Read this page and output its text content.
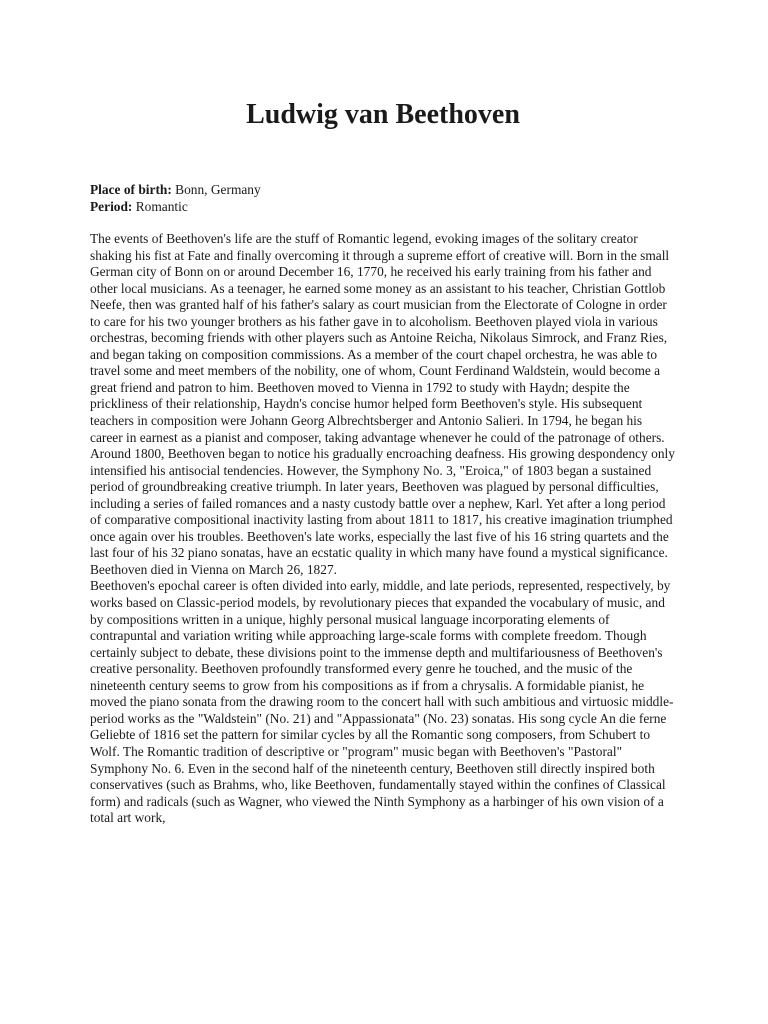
Ludwig van Beethoven

Place of birth: Bonn, Germany

Period: Romantic

The events of Beethoven's life are the stuff of Romantic legend, evoking images of the solitary creator shaking his fist at Fate and finally overcoming it through a supreme effort of creative will. Born in the small German city of Bonn on or around December 16, 1770, he received his early training from his father and other local musicians. As a teenager, he earned some money as an assistant to his teacher, Christian Gottlob Neefe, then was granted half of his father's salary as court musician from the Electorate of Cologne in order to care for his two younger brothers as his father gave in to alcoholism. Beethoven played viola in various orchestras, becoming friends with other players such as Antoine Reicha, Nikolaus Simrock, and Franz Ries, and began taking on composition commissions. As a member of the court chapel orchestra, he was able to travel some and meet members of the nobility, one of whom, Count Ferdinand Waldstein, would become a great friend and patron to him. Beethoven moved to Vienna in 1792 to study with Haydn; despite the prickliness of their relationship, Haydn's concise humor helped form Beethoven's style. His subsequent teachers in composition were Johann Georg Albrechtsberger and Antonio Salieri. In 1794, he began his career in earnest as a pianist and composer, taking advantage whenever he could of the patronage of others. Around 1800, Beethoven began to notice his gradually encroaching deafness. His growing despondency only intensified his antisocial tendencies. However, the Symphony No. 3, "Eroica," of 1803 began a sustained period of groundbreaking creative triumph. In later years, Beethoven was plagued by personal difficulties, including a series of failed romances and a nasty custody battle over a nephew, Karl. Yet after a long period of comparative compositional inactivity lasting from about 1811 to 1817, his creative imagination triumphed once again over his troubles. Beethoven's late works, especially the last five of his 16 string quartets and the last four of his 32 piano sonatas, have an ecstatic quality in which many have found a mystical significance. Beethoven died in Vienna on March 26, 1827.

Beethoven's epochal career is often divided into early, middle, and late periods, represented, respectively, by works based on Classic-period models, by revolutionary pieces that expanded the vocabulary of music, and by compositions written in a unique, highly personal musical language incorporating elements of contrapuntal and variation writing while approaching large-scale forms with complete freedom. Though certainly subject to debate, these divisions point to the immense depth and multifariousness of Beethoven's creative personality. Beethoven profoundly transformed every genre he touched, and the music of the nineteenth century seems to grow from his compositions as if from a chrysalis. A formidable pianist, he moved the piano sonata from the drawing room to the concert hall with such ambitious and virtuosic middle-period works as the "Waldstein" (No. 21) and "Appassionata" (No. 23) sonatas. His song cycle An die ferne Geliebte of 1816 set the pattern for similar cycles by all the Romantic song composers, from Schubert to Wolf. The Romantic tradition of descriptive or "program" music began with Beethoven's "Pastoral" Symphony No. 6. Even in the second half of the nineteenth century, Beethoven still directly inspired both conservatives (such as Brahms, who, like Beethoven, fundamentally stayed within the confines of Classical form) and radicals (such as Wagner, who viewed the Ninth Symphony as a harbinger of his own vision of a total art work,
